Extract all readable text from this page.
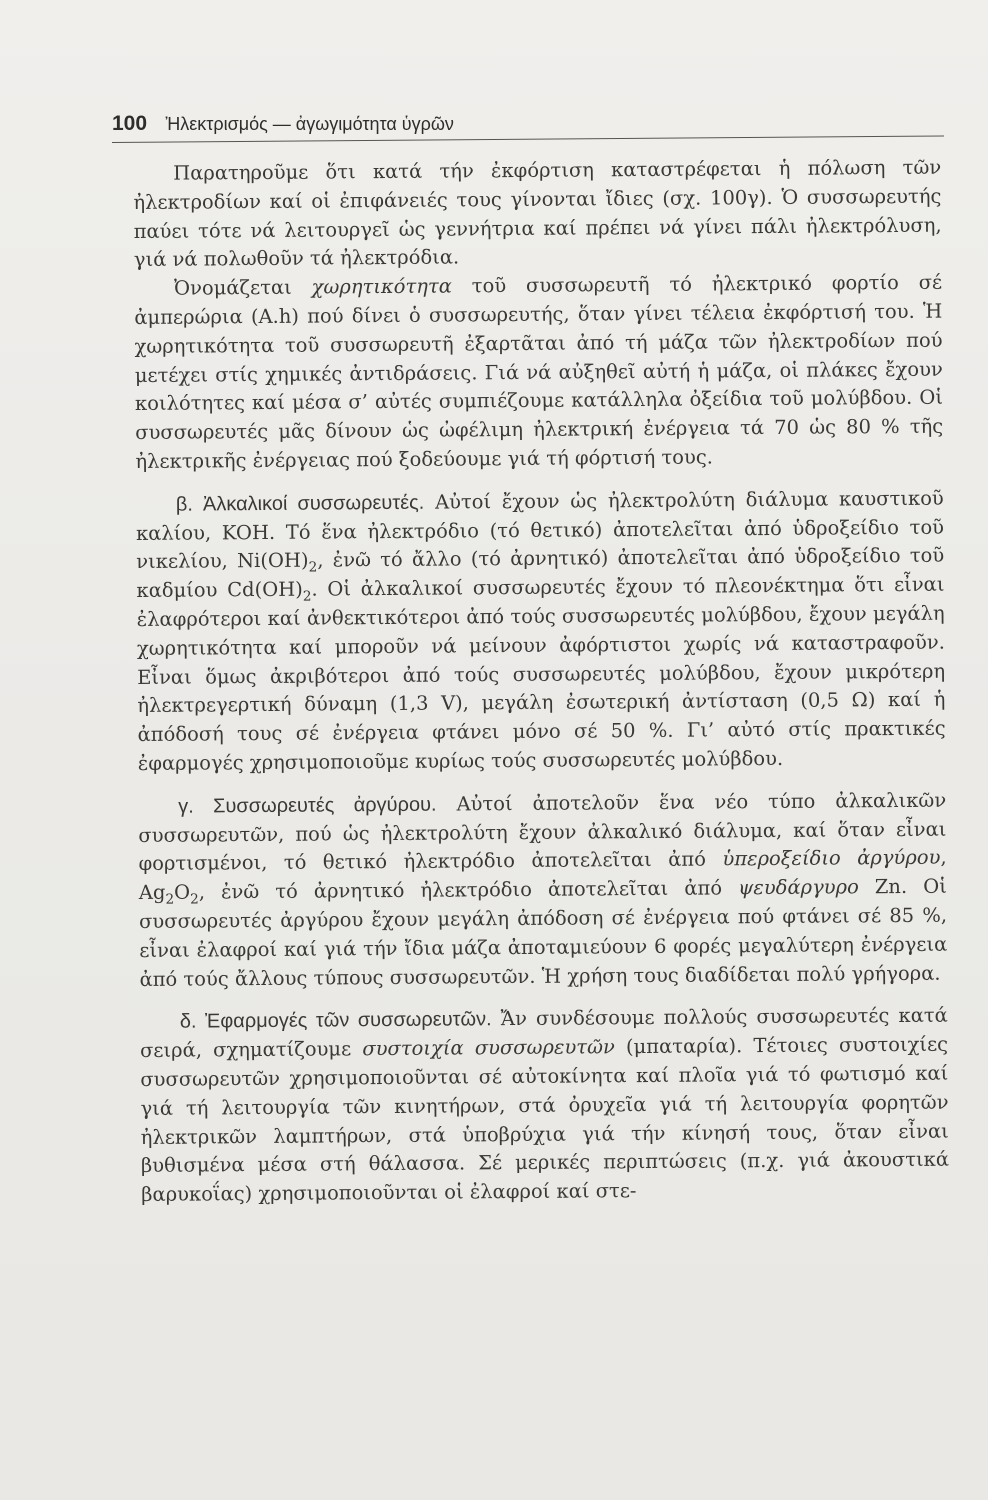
100 Ἠλεκτρισμός — ἀγωγιμότητα ὑγρῶν

Παρατηροῦμε ὅτι κατά τήν ἐκφόρτιση καταστρέφεται ἡ πόλωση τῶν ἠλεκτροδίων καί οἱ ἐπιφάνειές τους γίνονται ἴδιες (σχ. 100γ). Ὁ συσσωρευτής παύει τότε νά λειτουργεῖ ὡς γεννήτρια καί πρέπει νά γίνει πάλι ἠλεκτρόλυση, γιά νά πολωθοῦν τά ἠλεκτρόδια.

Ὀνομάζεται χωρητικότητα τοῦ συσσωρευτῆ τό ἠλεκτρικό φορτίο σέ ἀμπερώρια (A.h) πού δίνει ὁ συσσωρευτής, ὅταν γίνει τέλεια ἐκφόρτισή του. Ἡ χωρητικότητα τοῦ συσσωρευτῆ ἐξαρτᾶται ἀπό τή μάζα τῶν ἠλεκτροδίων πού μετέχει στίς χημικές ἀντιδράσεις. Γιά νά αὐξηθεῖ αὐτή ἡ μάζα, οἱ πλάκες ἔχουν κοιλότητες καί μέσα σ’ αὐτές συμπιέζουμε κατάλληλα ὀξείδια τοῦ μολύβδου. Οἱ συσσωρευτές μᾶς δίνουν ὡς ὠφέλιμη ἠλεκτρική ἐνέργεια τά 70 ὡς 80 % τῆς ἠλεκτρικῆς ἐνέργειας πού ξοδεύουμε γιά τή φόρτισή τους.

β. Ἀλκαλικοί συσσωρευτές. Αὐτοί ἔχουν ὡς ἠλεκτρολύτη διάλυμα καυστικοῦ καλίου, KOH. Τό ἕνα ἠλεκτρόδιο (τό θετικό) ἀποτελεῖται ἀπό ὑδροξείδιο τοῦ νικελίου, $Ni(OH)_2$, ἐνῶ τό ἄλλο (τό ἀρνητικό) ἀποτελεῖται ἀπό ὑδροξείδιο τοῦ καδμίου $Cd(OH)_2$. Οἱ ἀλκαλικοί συσσωρευτές ἔχουν τό πλεονέκτημα ὅτι εἶναι ἐλαφρότεροι καί ἀνθεκτικότεροι ἀπό τούς συσσωρευτές μολύβδου, ἔχουν μεγάλη χωρητικότητα καί μποροῦν νά μείνουν ἀφόρτιστοι χωρίς νά καταστραφοῦν. Εἶναι ὅμως ἀκριβότεροι ἀπό τούς συσσωρευτές μολύβδου, ἔχουν μικρότερη ἠλεκτρεγερτική δύναμη (1,3 V), μεγάλη ἐσωτερική ἀντίσταση (0,5 Ω) καί ἡ ἀπόδοσή τους σέ ἐνέργεια φτάνει μόνο σέ 50 %. Γι’ αὐτό στίς πρακτικές ἐφαρμογές χρησιμοποιοῦμε κυρίως τούς συσσωρευτές μολύβδου.

γ. Συσσωρευτές ἀργύρου. Αὐτοί ἀποτελοῦν ἕνα νέο τύπο ἀλκαλικῶν συσσωρευτῶν, πού ὡς ἠλεκτρολύτη ἔχουν ἀλκαλικό διάλυμα, καί ὅταν εἶναι φορτισμένοι, τό θετικό ἠλεκτρόδιο ἀποτελεῖται ἀπό ὑπεροξείδιο ἀργύρου, $Ag_2O_2$, ἐνῶ τό ἀρνητικό ἠλεκτρόδιο ἀποτελεῖται ἀπό ψευδάργυρο Zn. Οἱ συσσωρευτές ἀργύρου ἔχουν μεγάλη ἀπόδοση σέ ἐνέργεια πού φτάνει σέ 85 %, εἶναι ἐλαφροί καί γιά τήν ἴδια μάζα ἀποταμιεύουν 6 φορές μεγαλύτερη ἐνέργεια ἀπό τούς ἄλλους τύπους συσσωρευτῶν. Ἡ χρήση τους διαδίδεται πολύ γρήγορα.

δ. Ἐφαρμογές τῶν συσσωρευτῶν. Ἄν συνδέσουμε πολλούς συσσωρευτές κατά σειρά, σχηματίζουμε συστοιχία συσσωρευτῶν (μπαταρία). Τέτοιες συστοιχίες συσσωρευτῶν χρησιμοποιοῦνται σέ αὐτοκίνητα καί πλοῖα γιά τό φωτισμό καί γιά τή λειτουργία τῶν κινητήρων, στά ὀρυχεῖα γιά τή λειτουργία φορητῶν ἠλεκτρικῶν λαμπτήρων, στά ὑποβρύχια γιά τήν κίνησή τους, ὅταν εἶναι βυθισμένα μέσα στή θάλασσα. Σέ μερικές περιπτώσεις (π.χ. γιά ἀκουστικά βαρυκοΐας) χρησιμοποιοῦνται οἱ ἐλαφροί καί στε-
